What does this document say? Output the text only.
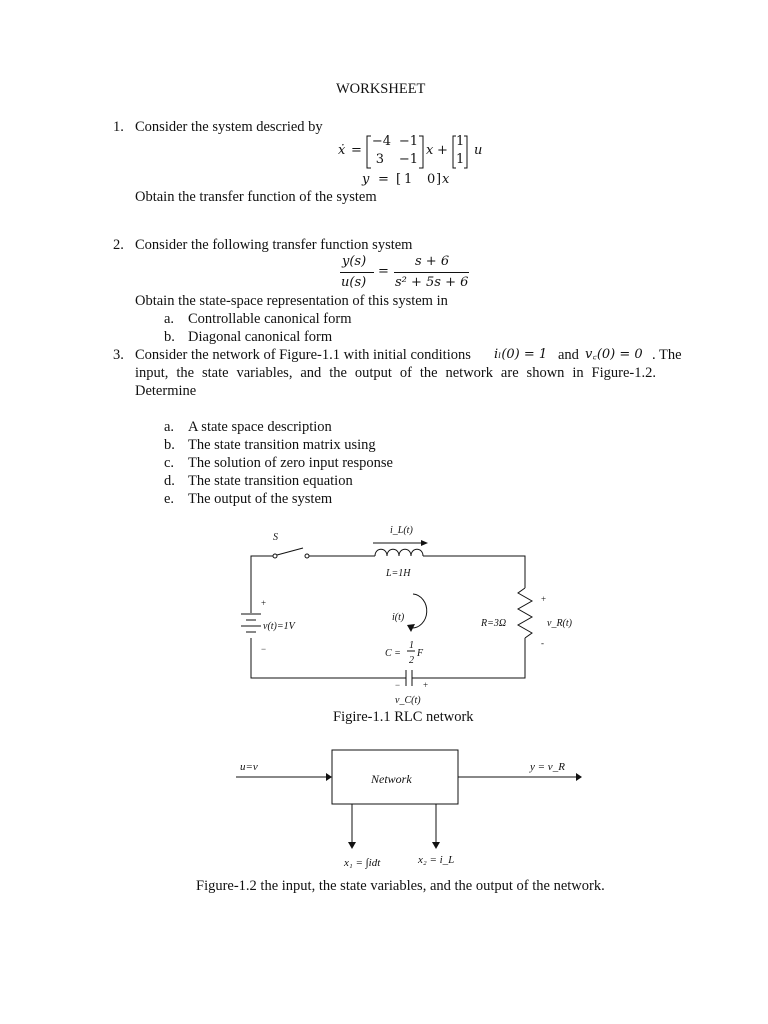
WORKSHEET
1. Consider the system descried by
ẋ =
−4 −1
3 −1
x +
1
1
u
y = [ 1 0 ] x
Obtain the transfer function of the system
2. Consider the following transfer function system
y(s)
u(s)
=
s + 6
s² + 5s + 6
Obtain the state-space representation of this system in
a. Controllable canonical form
b. Diagonal canonical form
3. Consider the network of Figure-1.1 with initial conditions iₗ(0) = 1 and v꜀(0) = 0 . The
input, the state variables, and the output of the network are shown in Figure-1.2.
Determine
a. A state space description
b. The state transition matrix using
c. The solution of zero input response
d. The state transition equation
e. The output of the system
S
i_L(t)
L=1H
v(t)=1V
i(t)
R=3Ω	v_R(t)
C =
1
2
F
v_C(t)
+
−
+
-
−	+
Figire-1.1 RLC network
u=v
Network
y = v_R
x₁ = ∫idt	x₂ = i_L
Figure-1.2 the input, the state variables, and the output of the network.
